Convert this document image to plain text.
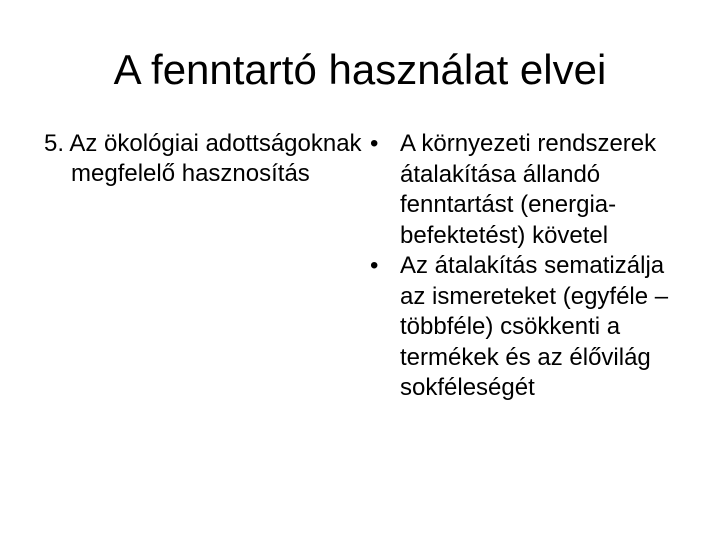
A fenntartó használat elvei

5. Az ökológiai adottságoknak megfelelő hasznosítás

• A környezeti rendszerek átalakítása állandó fenntartást (energia-befektetést) követel
• Az átalakítás sematizálja az ismereteket (egyféle – többféle) csökkenti a termékek és az élővilág sokféleségét
